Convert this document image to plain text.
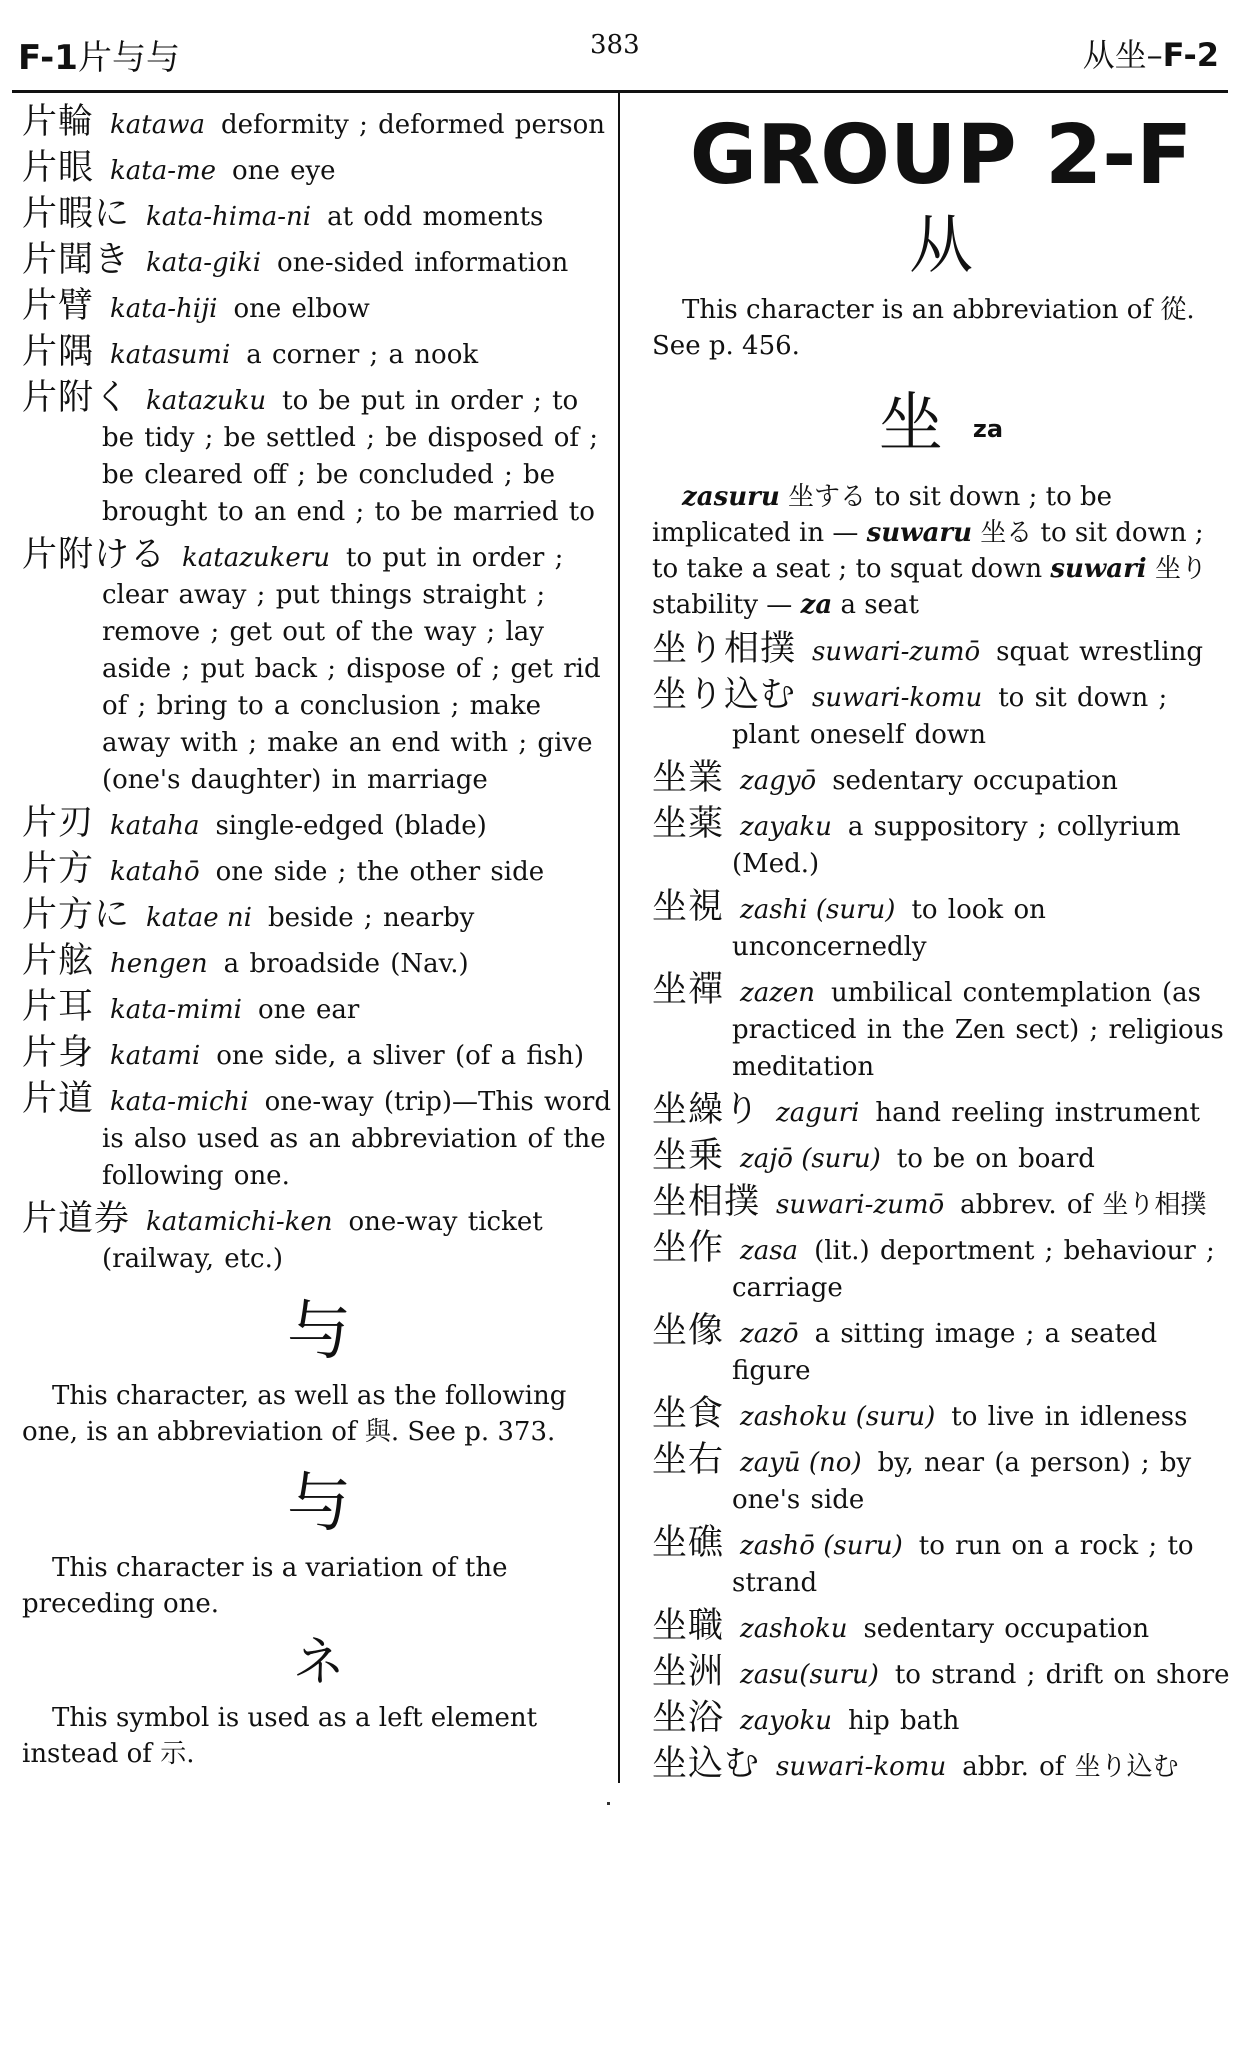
F-1片与与	383	从坐–F-2
片輪 katawa deformity ; deformed person
片眼 kata-me one eye
片暇に kata-hima-ni at odd moments
片聞き kata-giki one-sided information
片臂 kata-hiji one elbow
片隅 katasumi a corner ; a nook
片附く katazuku to be put in order ; to be tidy ; be settled ; be disposed of ; be cleared off ; be concluded ; be brought to an end ; to be married to
片附ける katazukeru to put in order ; clear away ; put things straight ; remove ; get out of the way ; lay aside ; put back ; dispose of ; get rid of ; bring to a conclusion ; make away with ; make an end with ; give (one's daughter) in marriage
片刃 kataha single-edged (blade)
片方 katahō one side ; the other side
片方に katae ni beside ; nearby
片舷 hengen a broadside (Nav.)
片耳 kata-mimi one ear
片身 katami one side, a sliver (of a fish)
片道 kata-michi one-way (trip)—This word is also used as an abbreviation of the following one.
片道券 katamichi-ken one-way ticket (railway, etc.)
与
This character, as well as the following one, is an abbreviation of 與. See p. 373.
与
This character is a variation of the preceding one.
ネ
This symbol is used as a left element instead of 示.
GROUP 2-F
从
This character is an abbreviation of 從. See p. 456.
坐 za
zasuru 坐する to sit down ; to be implicated in — suwaru 坐る to sit down ; to take a seat ; to squat down suwari 坐り stability — za a seat
坐り相撲 suwari-zumō squat wrestling
坐り込む suwari-komu to sit down ; plant oneself down
坐業 zagyō sedentary occupation
坐薬 zayaku a suppository ; collyrium (Med.)
坐視 zashi (suru) to look on unconcernedly
坐禪 zazen umbilical contemplation (as practiced in the Zen sect) ; religious meditation
坐繰り zaguri hand reeling instrument
坐乗 zajō (suru) to be on board
坐相撲 suwari-zumō abbrev. of 坐り相撲
坐作 zasa (lit.) deportment ; behaviour ; carriage
坐像 zazō a sitting image ; a seated figure
坐食 zashoku (suru) to live in idleness
坐右 zayū (no) by, near (a person) ; by one's side
坐礁 zashō (suru) to run on a rock ; to strand
坐職 zashoku sedentary occupation
坐洲 zasu(suru) to strand ; drift on shore
坐浴 zayoku hip bath
坐込む suwari-komu abbr. of 坐り込む
